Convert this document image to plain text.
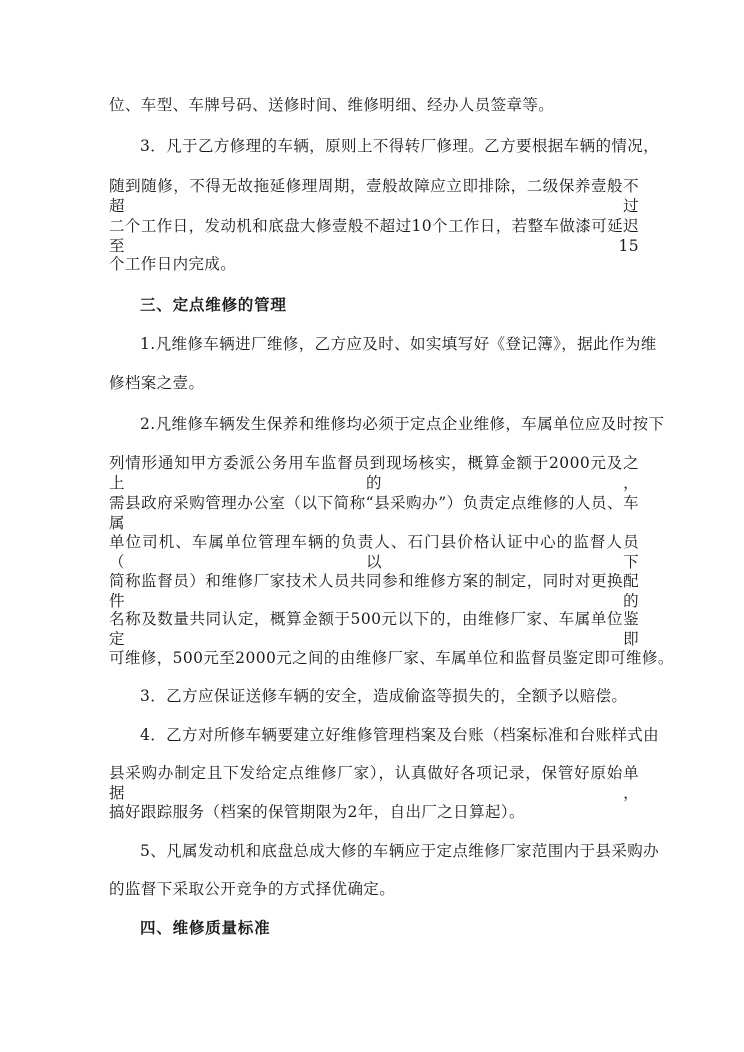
位、车型、车牌号码、送修时间、维修明细、经办人员签章等。
3．凡于乙方修理的车辆，原则上不得转厂修理。乙方要根据车辆的情况，
随到随修，不得无故拖延修理周期，壹般故障应立即排除，二级保养壹般不超过
二个工作日，发动机和底盘大修壹般不超过10个工作日，若整车做漆可延迟至15
个工作日内完成。
三、定点维修的管理
1.凡维修车辆进厂维修，乙方应及时、如实填写好《登记簿》，据此作为维
修档案之壹。
2.凡维修车辆发生保养和维修均必须于定点企业维修，车属单位应及时按下
列情形通知甲方委派公务用车监督员到现场核实，概算金额于2000元及之上的，
需县政府采购管理办公室（以下简称“县采购办”）负责定点维修的人员、车属
单位司机、车属单位管理车辆的负责人、石门县价格认证中心的监督人员（以下
简称监督员）和维修厂家技术人员共同参和维修方案的制定，同时对更换配件的
名称及数量共同认定，概算金额于500元以下的，由维修厂家、车属单位鉴定即
可维修，500元至2000元之间的由维修厂家、车属单位和监督员鉴定即可维修。
3．乙方应保证送修车辆的安全，造成偷盗等损失的，全额予以赔偿。
4．乙方对所修车辆要建立好维修管理档案及台账（档案标准和台账样式由
县采购办制定且下发给定点维修厂家），认真做好各项记录，保管好原始单据，
搞好跟踪服务（档案的保管期限为2年，自出厂之日算起）。
5、凡属发动机和底盘总成大修的车辆应于定点维修厂家范围内于县采购办
的监督下采取公开竞争的方式择优确定。
四、维修质量标准
